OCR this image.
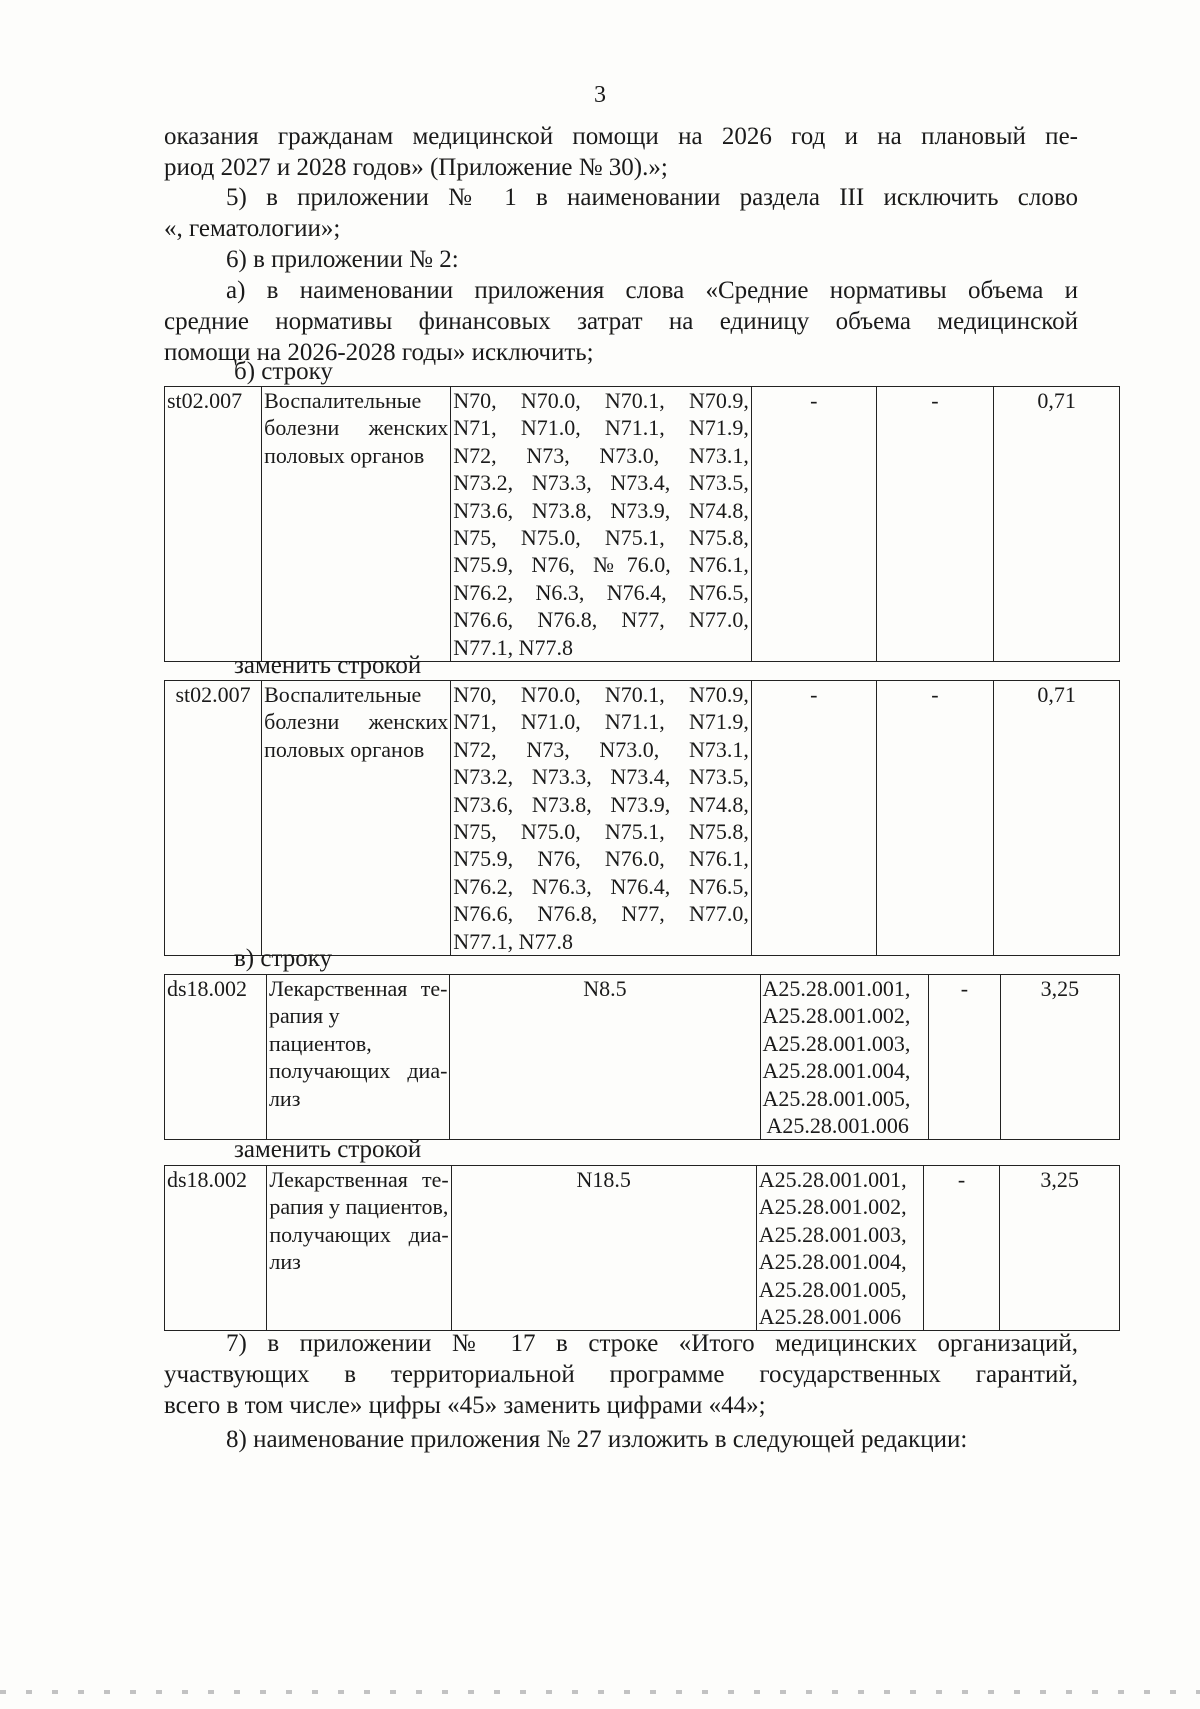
3
оказания гражданам медицинской помощи на 2026 год и на плановый пе-
риод 2027 и 2028 годов» (Приложение № 30).»;
5) в приложении № 1 в наименовании раздела III исключить слово
«, гематологии»;
6) в приложении № 2:
а) в наименовании приложения слова «Средние нормативы объема и
средние нормативы финансовых затрат на единицу объема медицинской
помощи на 2026-2028 годы» исключить;
б) строку
st02.007	Воспалительные
болезни женских
половых органов

N70, N70.0, N70.1, N70.9,
N71, N71.0, N71.1, N71.9,
N72, N73, N73.0, N73.1,
N73.2, N73.3, N73.4, N73.5,
N73.6, N73.8, N73.9, N74.8,
N75, N75.0, N75.1, N75.8,
N75.9, N76, №76.0, N76.1,
N76.2, N6.3, N76.4, N76.5,
N76.6, N76.8, N77, N77.0,
N77.1, N77.8
	-	-	0,71
заменить строкой
st02.007	Воспалительные
болезни женских
половых органов

N70, N70.0, N70.1, N70.9,
N71, N71.0, N71.1, N71.9,
N72, N73, N73.0, N73.1,
N73.2, N73.3, N73.4, N73.5,
N73.6, N73.8, N73.9, N74.8,
N75, N75.0, N75.1, N75.8,
N75.9, N76, N76.0, N76.1,
N76.2, N76.3, N76.4, N76.5,
N76.6, N76.8, N77, N77.0,
N77.1, N77.8
	-	-	0,71
в) строку
ds18.002	Лекарственная те-
рапия у пациентов,
получающих диа-
лиз
	N8.5	A25.28.001.001,
A25.28.001.002,
A25.28.001.003,
A25.28.001.004,
A25.28.001.005,
A25.28.001.006
	-	3,25
заменить строкой
ds18.002	Лекарственная те-
рапия у пациентов,
получающих диа-
лиз
	N18.5	A25.28.001.001,
A25.28.001.002,
A25.28.001.003,
A25.28.001.004,
A25.28.001.005,
A25.28.001.006
	-	3,25
7) в приложении № 17 в строке «Итого медицинских организаций,
участвующих в территориальной программе государственных гарантий,
всего в том числе» цифры «45» заменить цифрами «44»;
8) наименование приложения № 27 изложить в следующей редакции:
